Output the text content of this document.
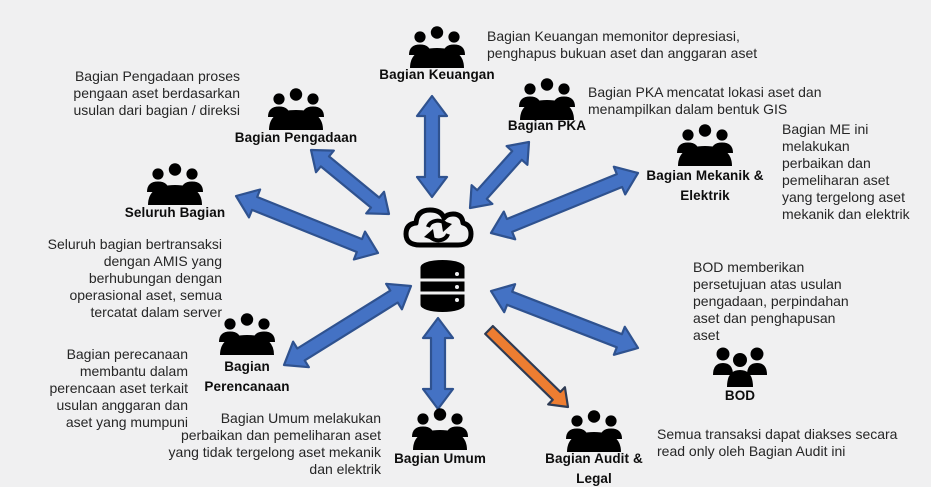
Bagian Keuangan
Bagian Pengadaan
Seluruh Bagian
Bagian PKA
Bagian Mekanik & Elektrik
Bagian Perencanaan
Bagian Umum	Bagian Audit & Legal
BOD
Bagian Pengadaan proses pengaan aset berdasarkan usulan dari bagian / direksi
Bagian Keuangan memonitor depresiasi, penghapus bukuan aset dan anggaran aset
Bagian PKA mencatat lokasi aset dan menampilkan dalam bentuk GIS
Bagian ME ini melakukan perbaikan dan pemeliharan aset yang tergelong aset mekanik dan elektrik
Seluruh bagian bertransaksi dengan AMIS yang berhubungan dengan operasional aset, semua tercatat dalam server
Bagian perecanaan membantu dalam perencaan aset terkait usulan anggaran dan aset yang mumpuni	Bagian Umum melakukan perbaikan dan pemeliharan aset yang tidak tergelong aset mekanik dan elektrik
BOD memberikan persetujuan atas usulan pengadaan, perpindahan aset dan penghapusan aset
Semua transaksi dapat diakses secara read only oleh Bagian Audit ini
